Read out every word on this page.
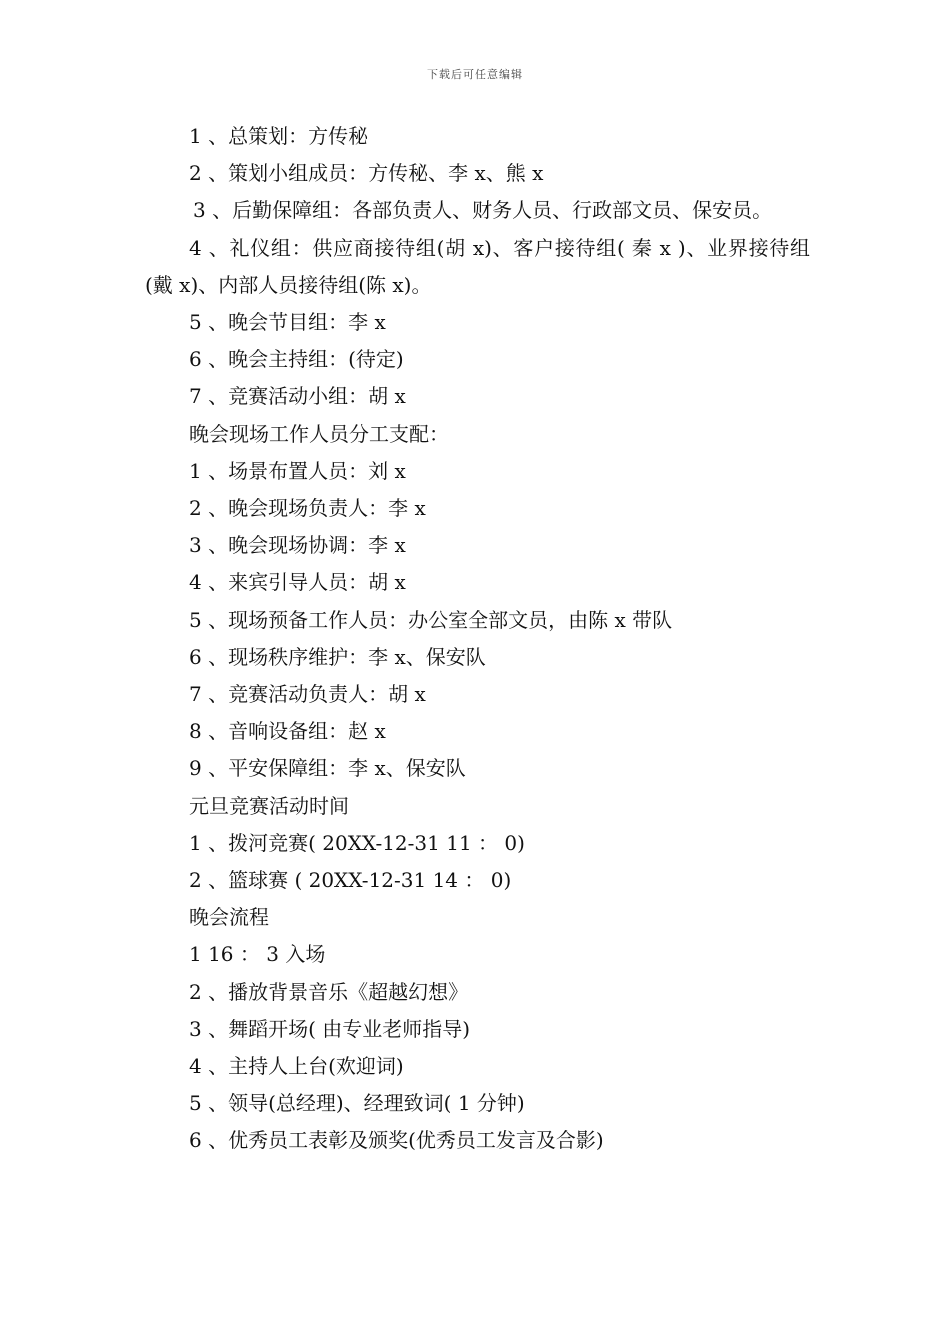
下载后可任意编辑
1 、总策划：方传秘
2 、策划小组成员：方传秘、李 x、熊 x
3 、后勤保障组：各部负责人、财务人员、行政部文员、保安员。
4 、礼仪组：供应商接待组(胡 x)、客户接待组( 秦 x )、业界接待组(戴 x)、内部人员接待组(陈 x)。
5 、晚会节目组：李 x
6 、晚会主持组：(待定)
7 、竞赛活动小组：胡 x
晚会现场工作人员分工支配：
1 、场景布置人员：刘 x
2 、晚会现场负责人：李 x
3 、晚会现场协调：李 x
4 、来宾引导人员：胡 x
5 、现场预备工作人员：办公室全部文员，由陈 x 带队
6 、现场秩序维护：李 x、保安队
7 、竞赛活动负责人：胡 x
8 、音响设备组：赵 x
9 、平安保障组：李 x、保安队
元旦竞赛活动时间
1 、拨河竞赛( 20XX-12-31 11 ： 0)
2 、篮球赛 ( 20XX-12-31 14 ： 0)
晚会流程
1 16 ： 3 入场
2 、播放背景音乐《超越幻想》
3 、舞蹈开场( 由专业老师指导)
4 、主持人上台(欢迎词)
5 、领导(总经理)、经理致词( 1 分钟)
6 、优秀员工表彰及颁奖(优秀员工发言及合影)
